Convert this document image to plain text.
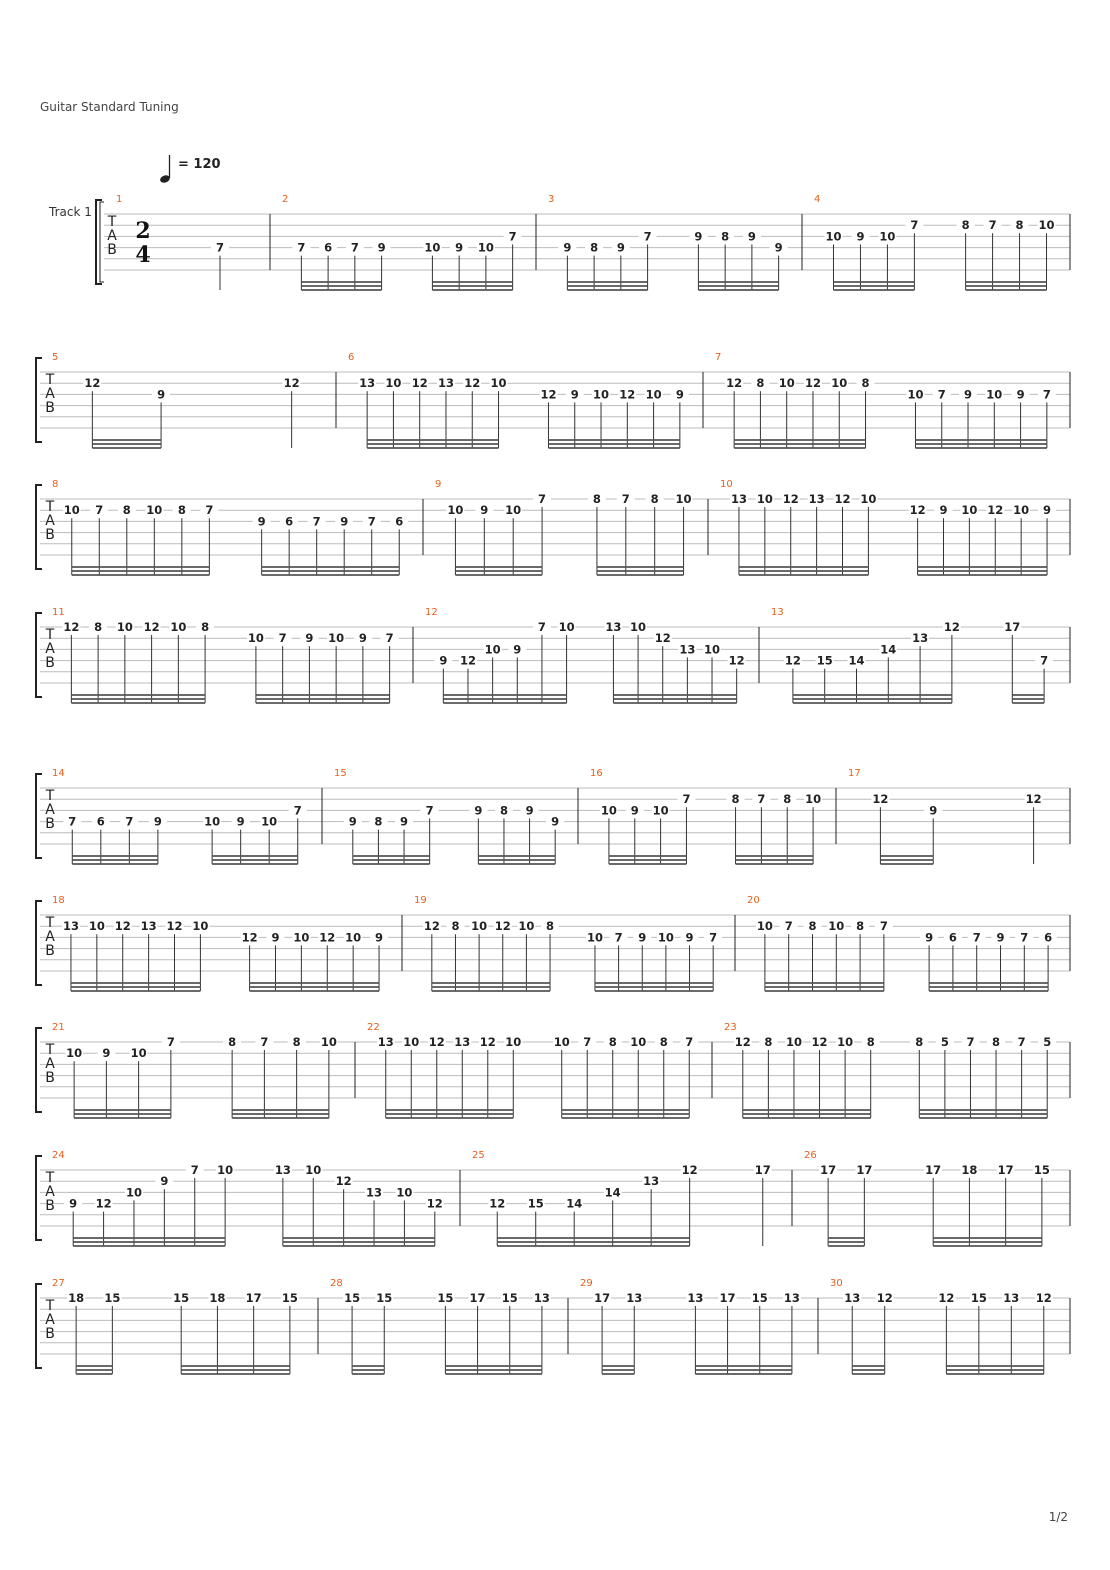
Guitar Standard Tuning
= 120
Track 1
T
A
B
2
4
1
7
2
7 6 7 9	10 9 10
7
3
9 8 9
7	9 8 9
9
4
10 9 10
7	8 7 8 10
T
A
B
5
12
9
12
6
13 10 12 13 12 10
12 9 10 12 10 9
7
12 8 10 12 10 8
10 7 9 10 9 7
T
A
B
8
10 7 8 10 8 7
9 6 7 9 7 6
9
10 9 10
7	8 7 8 10
10
13 10 12 13 12 10
12 9 10 12 10 9
T
A
B
11
12 8 10 12 10 8
10 7 9 10 9 7
12
9 12
10 9
7 10	13 10
12
13 10
12
13
12 15 14
14
13
12	17
7
T
A
B
14
7 6 7 9	10 9 10
7
15
9 8 9
7	9 8 9
9
16
10 9 10
7	8 7 8 10
17
12
9
12
T
A
B
18
13 10 12 13 12 10
12 9 10 12 10 9
19
12 8 10 12 10 8
10 7 9 10 9 7
20
10 7 8 10 8 7
9 6 7 9 7 6
T
A
B
21
10 9 10
7	8 7 8 10
22
13 10 12 13 12 10	10 7 8 10 8 7
23
12 8 10 12 10 8	8 5 7 8 7 5
T
A
B
24
9 12
10
9
7 10	13 10
12
13 10
12
25
12 15 14
14
13
12	17
26
17 17	17 18 17 15
T
A
B
27
18 15	15 18 17 15
28
15 15	15 17 15 13
29
17 13	13 17 15 13
30
13 12	12 15 13 12
1/2
